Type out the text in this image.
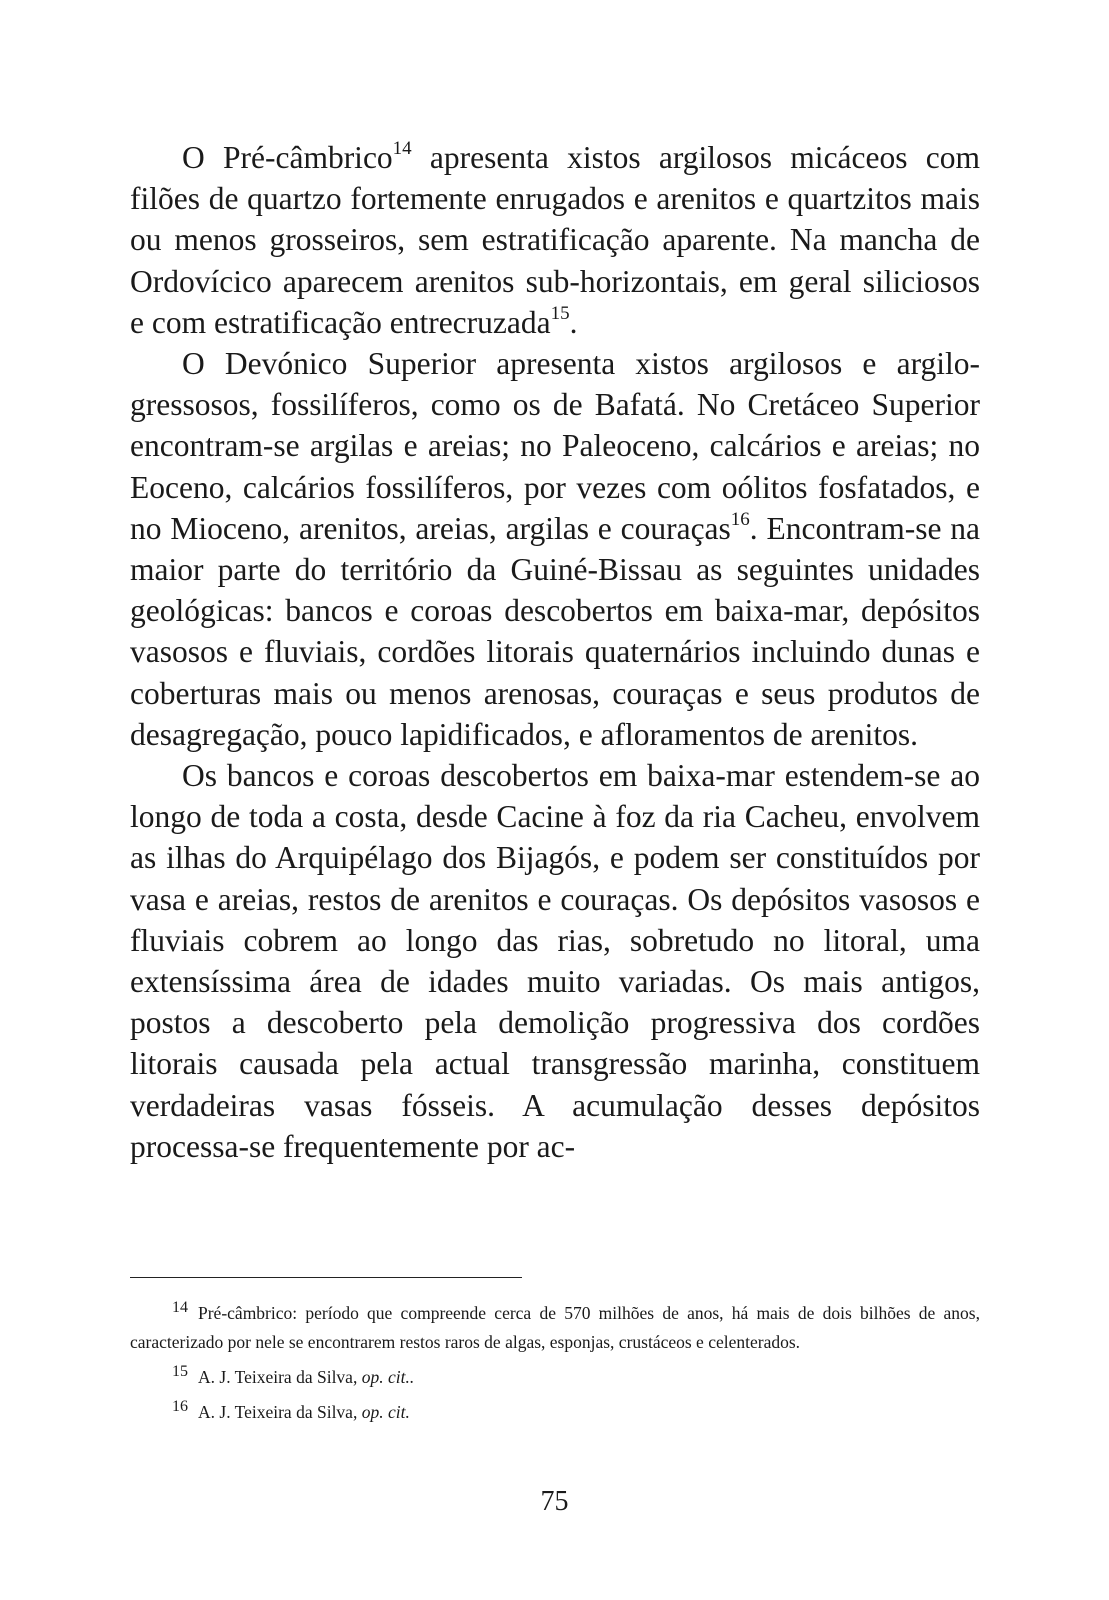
O Pré-câmbrico$^{14}$ apresenta xistos argilosos micáceos com filões de quartzo fortemente enrugados e arenitos e quartzitos mais ou menos grosseiros, sem estratificação aparente. Na mancha de Ordovícico aparecem arenitos sub-horizontais, em geral siliciosos e com estratificação entrecruzada$^{15}$.

O Devónico Superior apresenta xistos argilosos e argilo-gressosos, fossilíferos, como os de Bafatá. No Cretáceo Superior encontram-se argilas e areias; no Paleoceno, calcários e areias; no Eoceno, calcários fossilíferos, por vezes com oólitos fosfatados, e no Mioceno, arenitos, areias, argilas e couraças$^{16}$. Encontram-se na maior parte do território da Guiné-Bissau as seguintes unidades geológicas: bancos e coroas descobertos em baixa-mar, depósitos vasosos e fluviais, cordões litorais quaternários incluindo dunas e coberturas mais ou menos arenosas, couraças e seus produtos de desagregação, pouco lapidificados, e afloramentos de arenitos.

Os bancos e coroas descobertos em baixa-mar estendem-se ao longo de toda a costa, desde Cacine à foz da ria Cacheu, envolvem as ilhas do Arquipélago dos Bijagós, e podem ser constituídos por vasa e areias, restos de arenitos e couraças. Os depósitos vasosos e fluviais cobrem ao longo das rias, sobretudo no litoral, uma extensíssima área de idades muito variadas. Os mais antigos, postos a descoberto pela demolição progressiva dos cordões litorais causada pela actual transgressão marinha, constituem verdadeiras vasas fósseis. A acumulação desses depósitos processa-se frequentemente por ac-

14 Pré-câmbrico: período que compreende cerca de 570 milhões de anos, há mais de dois bilhões de anos, caracterizado por nele se encontrarem restos raros de algas, esponjas, crustáceos e celenterados.

15 A. J. Teixeira da Silva, op. cit..

16 A. J. Teixeira da Silva, op. cit.

75
